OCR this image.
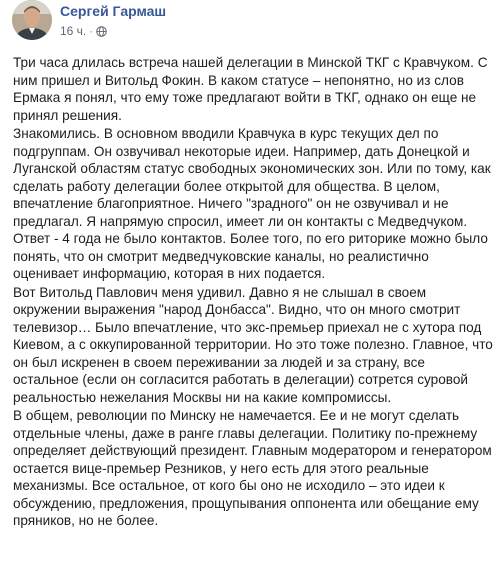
Сергей Гармаш
16 ч. ·

Три часа длилась встреча нашей делегации в Минской ТКГ с Кравчуком. С ним пришел и Витольд Фокин. В каком статусе – непонятно, но из слов Ермака я понял, что ему тоже предлагают войти в ТКГ, однако он еще не принял решения.

Знакомились. В основном вводили Кравчука в курс текущих дел по подгруппам. Он озвучивал некоторые идеи. Например, дать Донецкой и Луганской областям статус свободных экономических зон. Или по тому, как сделать работу делегации более открытой для общества. В целом, впечатление благоприятное. Ничего "зрадного" он не озвучивал и не предлагал. Я напрямую спросил, имеет ли он контакты с Медведчуком. Ответ - 4 года не было контактов. Более того, по его риторике можно было понять, что он смотрит медведчуковские каналы, но реалистично оценивает информацию, которая в них подается.

Вот Витольд Павлович меня удивил. Давно я не слышал в своем окружении выражения "народ Донбасса". Видно, что он много смотрит телевизор… Было впечатление, что экс-премьер приехал не с хутора под Киевом, а с оккупированной территории. Но это тоже полезно. Главное, что он был искренен в своем переживании за людей и за страну, все остальное (если он согласится работать в делегации) сотрется суровой реальностью нежелания Москвы ни на какие компромиссы.

В общем, революции по Минску не намечается. Ее и не могут сделать отдельные члены, даже в ранге главы делегации. Политику по-прежнему определяет действующий президент. Главным модератором и генератором остается вице-премьер Резников, у него есть для этого реальные механизмы. Все остальное, от кого бы оно не исходило – это идеи к обсуждению, предложения, прощупывания оппонента или обещание ему пряников, но не более.
